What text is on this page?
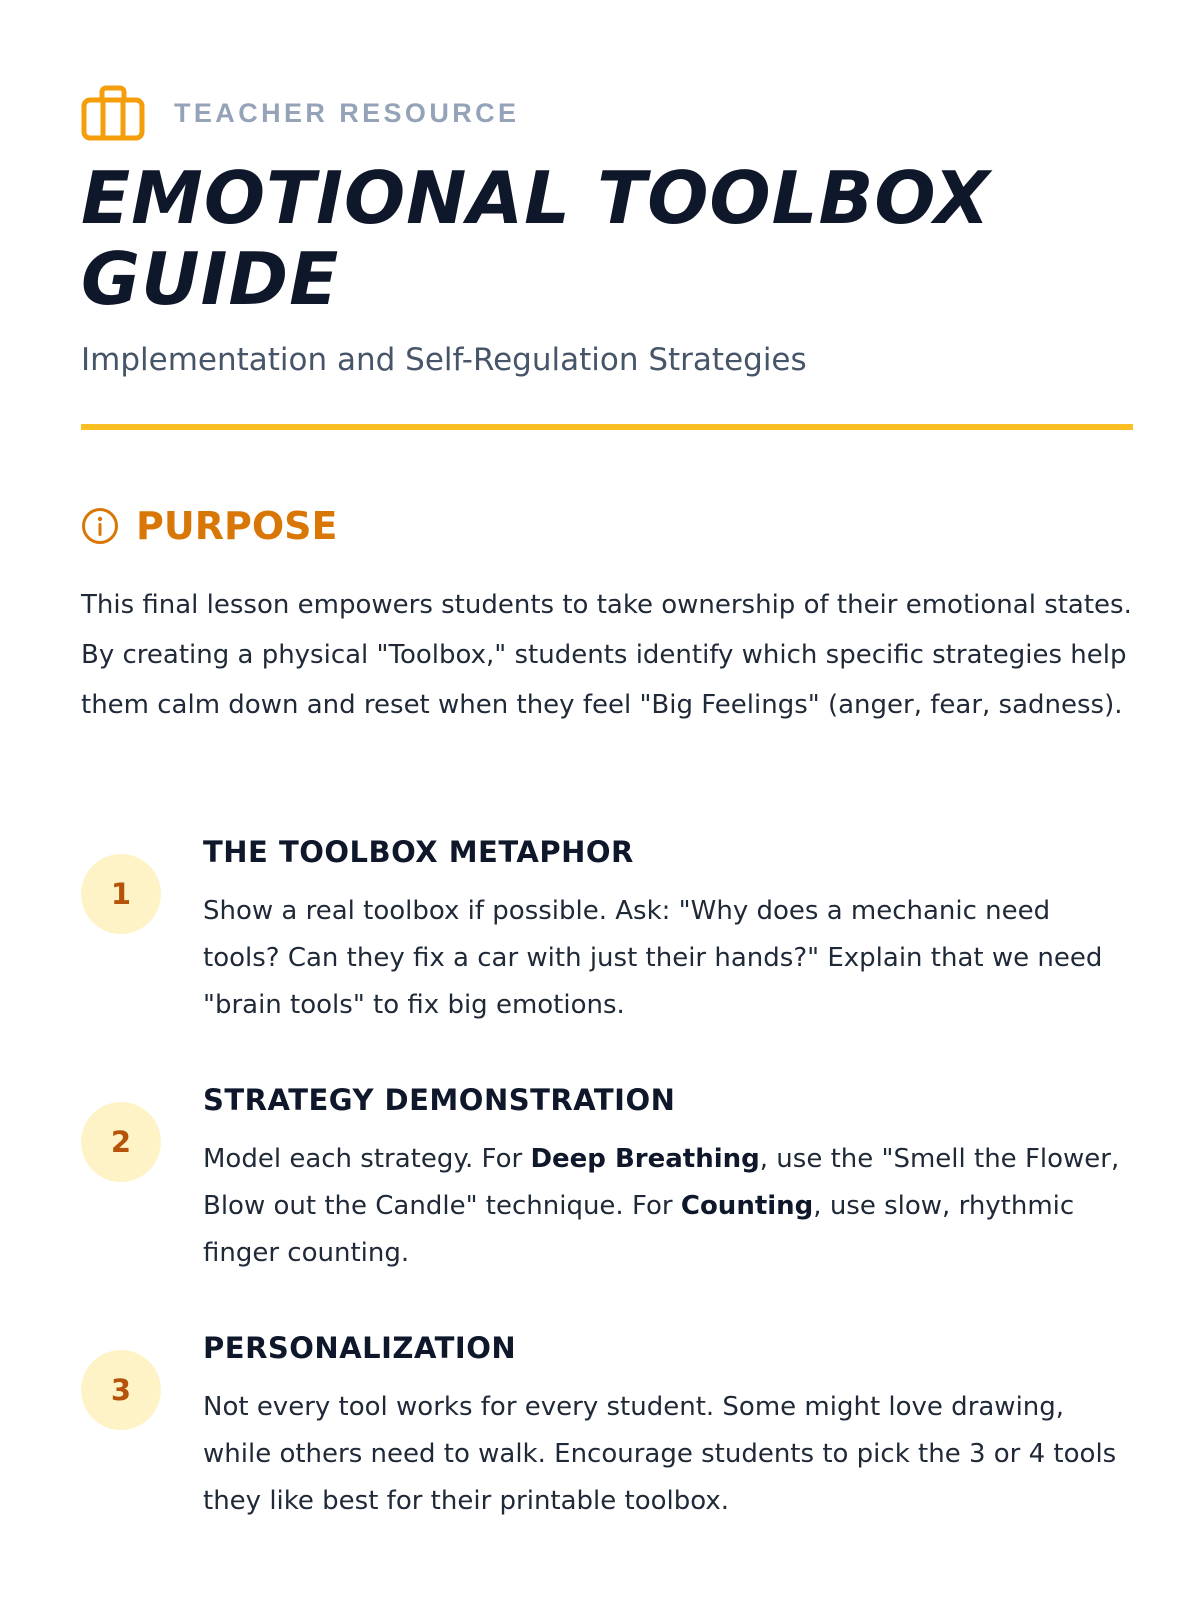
TEACHER RESOURCE
EMOTIONAL TOOLBOX GUIDE

Implementation and Self-Regulation Strategies

PURPOSE

This final lesson empowers students to take ownership of their emotional states. By creating a physical "Toolbox," students identify which specific strategies help them calm down and reset when they feel "Big Feelings" (anger, fear, sadness).

1
THE TOOLBOX METAPHOR

Show a real toolbox if possible. Ask: "Why does a mechanic need tools? Can they fix a car with just their hands?" Explain that we need "brain tools" to fix big emotions.

2
STRATEGY DEMONSTRATION

Model each strategy. For Deep Breathing, use the "Smell the Flower, Blow out the Candle" technique. For Counting, use slow, rhythmic finger counting.

3
PERSONALIZATION

Not every tool works for every student. Some might love drawing, while others need to walk. Encourage students to pick the 3 or 4 tools they like best for their printable toolbox.
